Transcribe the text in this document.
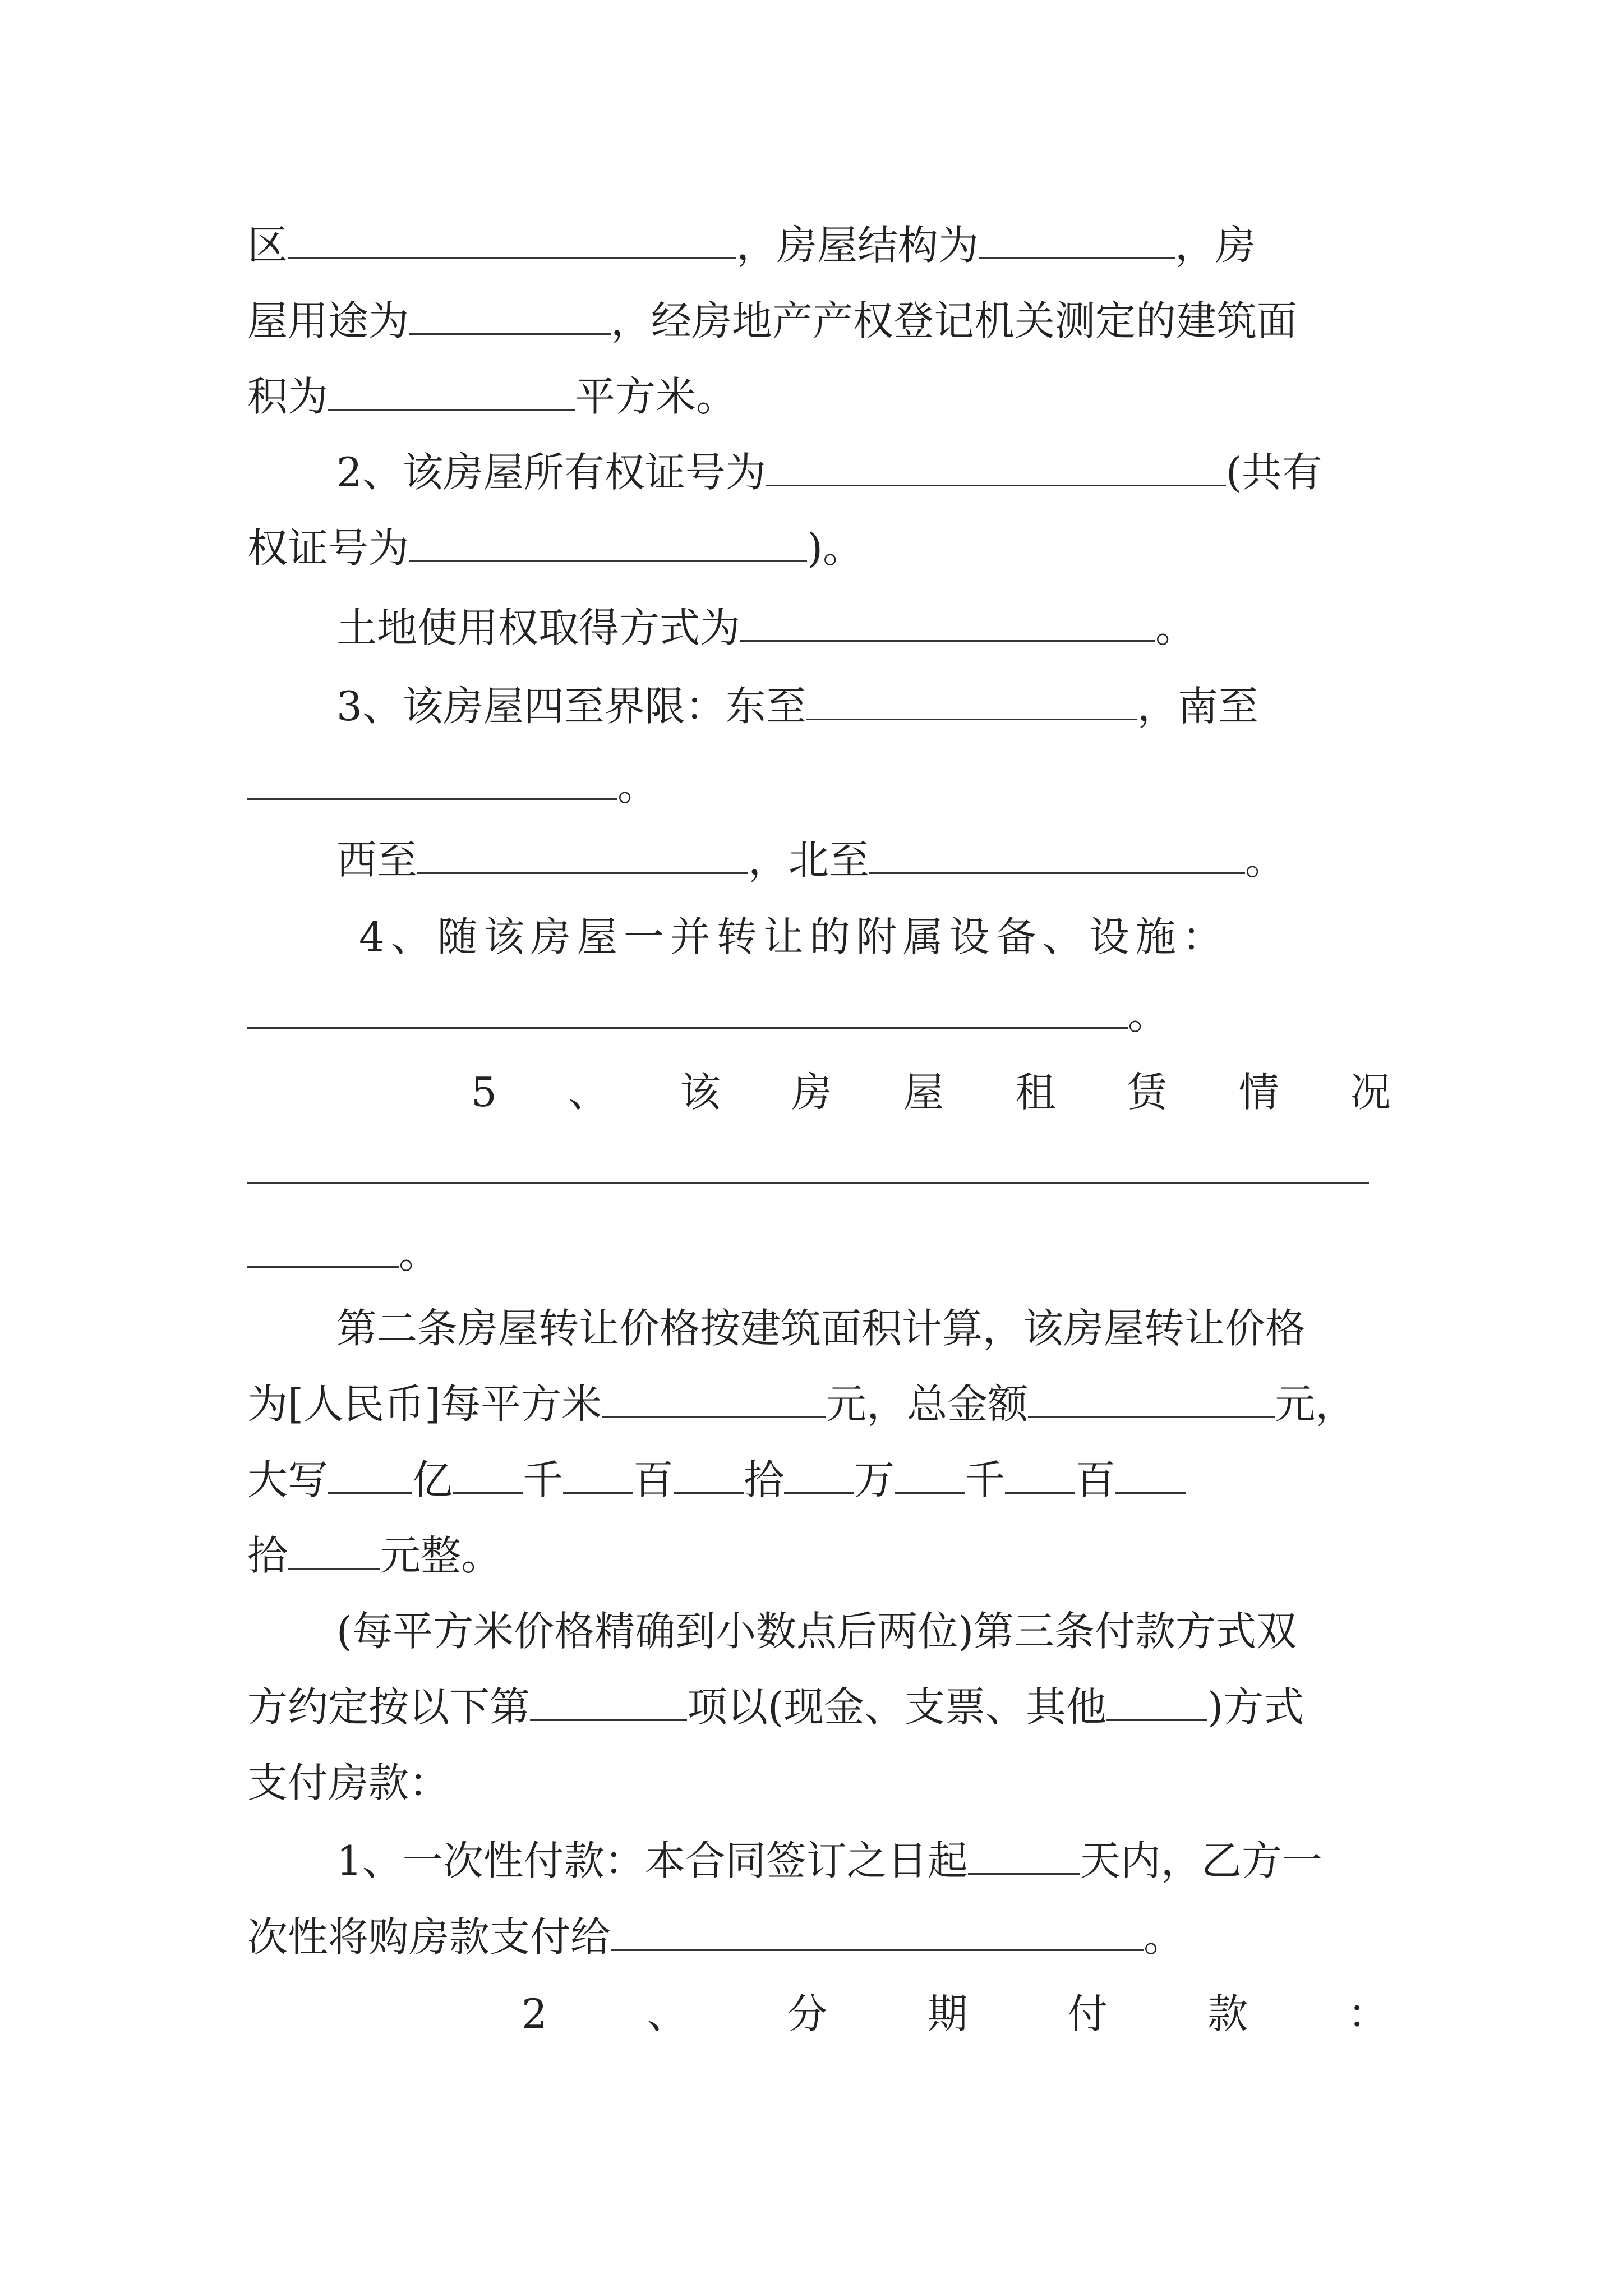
区	，房屋结构为	，房
屋用途为	，经房地产产权登记机关测定的建筑面
积为	平方米。
2、该房屋所有权证号为	(共有
权证号为	)。
土地使用权取得方式为	。
3、该房屋四至界限：东至	，南至
。
西至	，北至	。
4、随该房屋一并转让的附属设备、设施：
。
5 、 该 房 屋 租 赁 情 况
。
第二条房屋转让价格按建筑面积计算，该房屋转让价格
为[人民币]每平方米	元，总金额	元，
大写 亿 千 百 拾 万 千 百
拾 元整。
(每平方米价格精确到小数点后两位)第三条付款方式双
方约定按以下第	项以(现金、支票、其他	)方式
支付房款：
1、一次性付款：本合同签订之日起	天内，乙方一
次性将购房款支付给	。
2 、 分 期 付 款 ：
